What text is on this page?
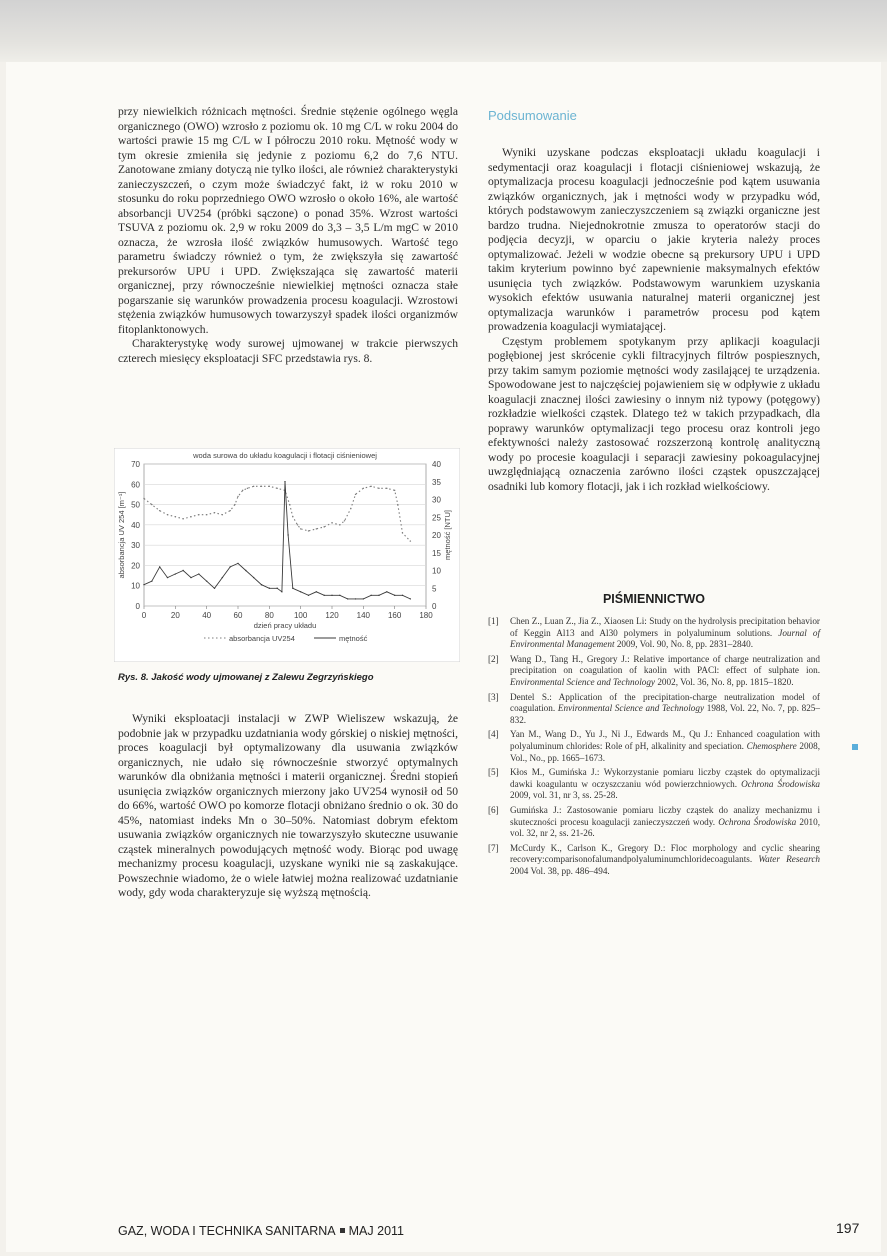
przy niewielkich różnicach mętności. Średnie stężenie ogólnego węgla organicznego (OWO) wzrosło z poziomu ok. 10 mg C/L w roku 2004 do wartości prawie 15 mg C/L w I półroczu 2010 roku. Mętność wody w tym okresie zmieniła się jedynie z poziomu 6,2 do 7,6 NTU. Zanotowane zmiany dotyczą nie tylko ilości, ale również charakterystyki zanieczyszczeń, o czym może świadczyć fakt, iż w roku 2010 w stosunku do roku poprzedniego OWO wzrosło o około 16%, ale wartość absorbancji UV254 (próbki sączone) o ponad 35%. Wzrost wartości TSUVA z poziomu ok. 2,9 w roku 2009 do 3,3 – 3,5 L/m mgC w 2010 oznacza, że wzrosła ilość związków humusowych. Wartość tego parametru świadczy również o tym, że zwiększyła się zawartość prekursorów UPU i UPD. Zwiększająca się zawartość materii organicznej, przy równocześnie niewielkiej mętności oznacza stałe pogarszanie się warunków prowadzenia procesu koagulacji. Wzrostowi stężenia związków humusowych towarzyszył spadek ilości organizmów fitoplanktonowych.

Charakterystykę wody surowej ujmowanej w trakcie pierwszych czterech miesięcy eksploatacji SFC przedstawia rys. 8.

0
10
20
30
40
50
60
70
0
5
10
15
20
25
30
35
40
0	20	40	60	80	100 120 140 160 180
woda surowa do układu koagulacji i flotacji ciśnieniowej
dzień pracy układu
absorbancja UV 254 [m⁻¹]	mętność [NTU]
absorbancja UV254	mętność
Rys. 8. Jakość wody ujmowanej z Zalewu Zegrzyńskiego

Wyniki eksploatacji instalacji w ZWP Wieliszew wskazują, że podobnie jak w przypadku uzdatniania wody górskiej o niskiej mętności, proces koagulacji był optymalizowany dla usuwania związków organicznych, nie udało się równocześnie stworzyć optymalnych warunków dla obniżania mętności i materii organicznej. Średni stopień usunięcia związków organicznych mierzony jako UV254 wynosił od 50 do 66%, wartość OWO po komorze flotacji obniżano średnio o ok. 30 do 45%, natomiast indeks Mn o 30–50%. Natomiast dobrym efektom usuwania związków organicznych nie towarzyszyło skuteczne usuwanie cząstek mineralnych powodujących mętność wody. Biorąc pod uwagę mechanizmy procesu koagulacji, uzyskane wyniki nie są zaskakujące. Powszechnie wiadomo, że o wiele łatwiej można realizować uzdatnianie wody, gdy woda charakteryzuje się wyższą mętnością.

Podsumowanie

Wyniki uzyskane podczas eksploatacji układu koagulacji i sedymentacji oraz koagulacji i flotacji ciśnieniowej wskazują, że optymalizacja procesu koagulacji jednocześnie pod kątem usuwania związków organicznych, jak i mętności wody w przypadku wód, których podstawowym zanieczyszczeniem są związki organiczne jest bardzo trudna. Niejednokrotnie zmusza to operatorów stacji do podjęcia decyzji, w oparciu o jakie kryteria należy proces optymalizować. Jeżeli w wodzie obecne są prekursory UPU i UPD takim kryterium powinno być zapewnienie maksymalnych efektów usunięcia tych związków. Podstawowym warunkiem uzyskania wysokich efektów usuwania naturalnej materii organicznej jest optymalizacja warunków i parametrów procesu pod kątem prowadzenia koagulacji wymiatającej.

Częstym problemem spotykanym przy aplikacji koagulacji pogłębionej jest skrócenie cykli filtracyjnych filtrów pospiesznych, przy takim samym poziomie mętności wody zasilającej te urządzenia. Spowodowane jest to najczęściej pojawieniem się w odpływie z układu koagulacji znacznej ilości zawiesiny o innym niż typowy (potęgowy) rozkładzie wielkości cząstek. Dlatego też w takich przypadkach, dla poprawy warunków optymalizacji tego procesu oraz kontroli jego efektywności należy zastosować rozszerzoną kontrolę analityczną wody po procesie koagulacji i separacji zawiesiny pokoagulacyjnej uwzględniającą oznaczenia zarówno ilości cząstek opuszczającej osadniki lub komory flotacji, jak i ich rozkład wielkościowy.

PIŚMIENNICTWO
[1]	Chen Z., Luan Z., Jia Z., Xiaosen Li: Study on the hydrolysis precipitation behavior of Keggin Al13 and Al30 polymers in polyaluminum solutions. Journal of Environmental Management 2009, Vol. 90, No. 8, pp. 2831–2840.
[2]	Wang D., Tang H., Gregory J.: Relative importance of charge neutralization and precipitation on coagulation of kaolin with PACl: effect of sulphate ion. Environmental Science and Technology 2002, Vol. 36, No. 8, pp. 1815–1820.
[3]	Dentel S.: Application of the precipitation-charge neutralization model of coagulation. Environmental Science and Technology 1988, Vol. 22, No. 7, pp. 825–832.
[4]	Yan M., Wang D., Yu J., Ni J., Edwards M., Qu J.: Enhanced coagulation with polyaluminum chlorides: Role of pH, alkalinity and speciation. Chemosphere 2008, Vol., No., pp. 1665–1673.
[5]	Kłos M., Gumińska J.: Wykorzystanie pomiaru liczby cząstek do optymalizacji dawki koagulantu w oczyszczaniu wód powierzchniowych. Ochrona Środowiska 2009, vol. 31, nr 3, ss. 25-28.
[6]	Gumińska J.: Zastosowanie pomiaru liczby cząstek do analizy mechanizmu i skuteczności procesu koagulacji zanieczyszczeń wody. Ochrona Środowiska 2010, vol. 32, nr 2, ss. 21-26.
[7]	McCurdy K., Carlson K., Gregory D.: Floc morphology and cyclic shearing recovery:comparisonofalumandpolyaluminumchloridecoagulants. Water Research 2004 Vol. 38, pp. 486–494.
GAZ, WODA I TECHNIKA SANITARNA MAJ 2011	197
